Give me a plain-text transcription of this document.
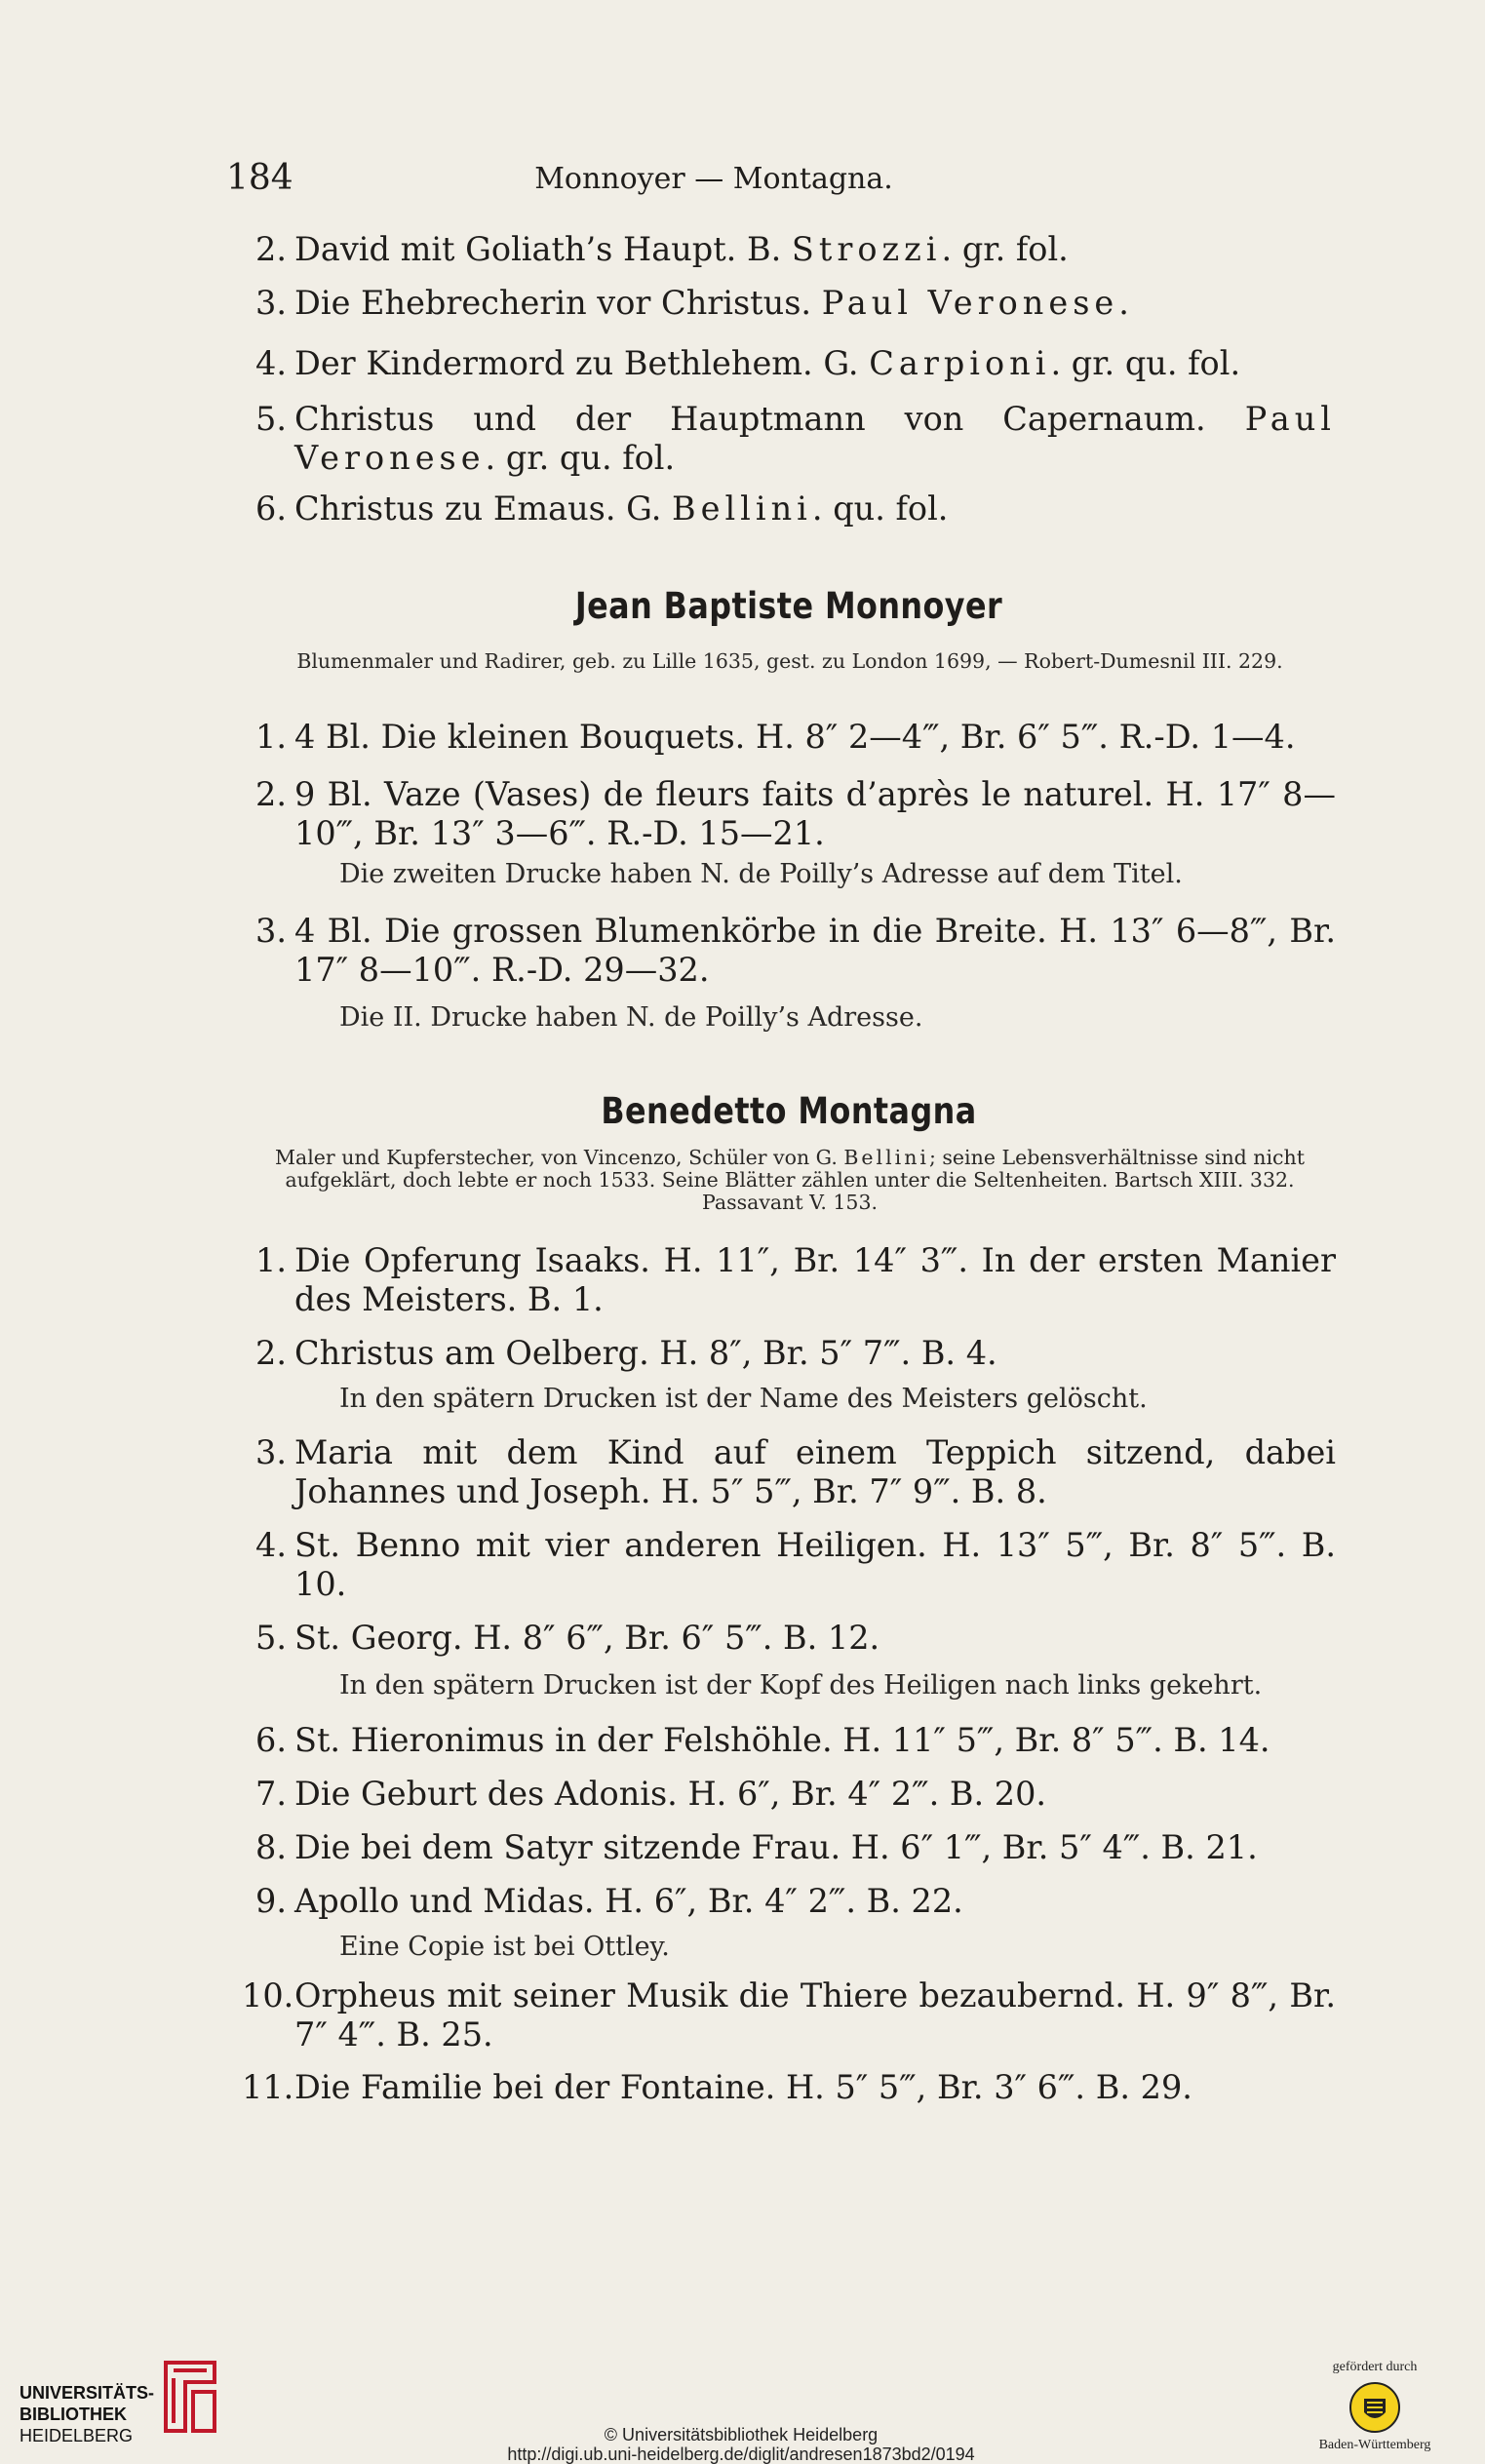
184	Monnoyer — Montagna.
2. David mit Goliath’s Haupt. B. Strozzi. gr. fol.
3. Die Ehebrecherin vor Christus. Paul Veronese.
4. Der Kindermord zu Bethlehem. G. Carpioni. gr. qu. fol.
5. Christus und der Hauptmann von Capernaum. Paul Veronese. gr. qu. fol.
6. Christus zu Emaus. G. Bellini. qu. fol.
Jean Baptiste Monnoyer
Blumenmaler und Radirer, geb. zu Lille 1635, gest. zu London 1699, — Robert-Dumesnil III. 229.
1. 4 Bl. Die kleinen Bouquets. H. 8″ 2—4‴, Br. 6″ 5‴. R.-D. 1—4.
2. 9 Bl. Vaze (Vases) de fleurs faits d’après le naturel. H. 17″ 8—10‴, Br. 13″ 3—6‴. R.-D. 15—21.
Die zweiten Drucke haben N. de Poilly’s Adresse auf dem Titel.
3. 4 Bl. Die grossen Blumenkörbe in die Breite. H. 13″ 6—8‴, Br. 17″ 8—10‴. R.-D. 29—32.
Die II. Drucke haben N. de Poilly’s Adresse.
Benedetto Montagna
Maler und Kupferstecher, von Vincenzo, Schüler von G. Bellini; seine Lebensverhältnisse sind nicht aufgeklärt, doch lebte er noch 1533. Seine Blätter zählen unter die Seltenheiten. Bartsch XIII. 332. Passavant V. 153.
1. Die Opferung Isaaks. H. 11″, Br. 14″ 3‴. In der ersten Manier des Meisters. B. 1.
2. Christus am Oelberg. H. 8″, Br. 5″ 7‴. B. 4.
In den spätern Drucken ist der Name des Meisters gelöscht.
3. Maria mit dem Kind auf einem Teppich sitzend, dabei Johannes und Joseph. H. 5″ 5‴, Br. 7″ 9‴. B. 8.
4. St. Benno mit vier anderen Heiligen. H. 13″ 5‴, Br. 8″ 5‴. B. 10.
5. St. Georg. H. 8″ 6‴, Br. 6″ 5‴. B. 12.
In den spätern Drucken ist der Kopf des Heiligen nach links gekehrt.
6. St. Hieronimus in der Felshöhle. H. 11″ 5‴, Br. 8″ 5‴. B. 14.
7. Die Geburt des Adonis. H. 6″, Br. 4″ 2‴. B. 20.
8. Die bei dem Satyr sitzende Frau. H. 6″ 1‴, Br. 5″ 4‴. B. 21.
9. Apollo und Midas. H. 6″, Br. 4″ 2‴. B. 22.
Eine Copie ist bei Ottley.
10. Orpheus mit seiner Musik die Thiere bezaubernd. H. 9″ 8‴, Br. 7″ 4‴. B. 25.
11. Die Familie bei der Fontaine. H. 5″ 5‴, Br. 3″ 6‴. B. 29.
UNIVERSITÄTS-
BIBLIOTHEK
HEIDELBERG	© Universitätsbibliothek Heidelberg
http://digi.ub.uni-heidelberg.de/diglit/andresen1873bd2/0194
gefördert durch
Baden-Württemberg
